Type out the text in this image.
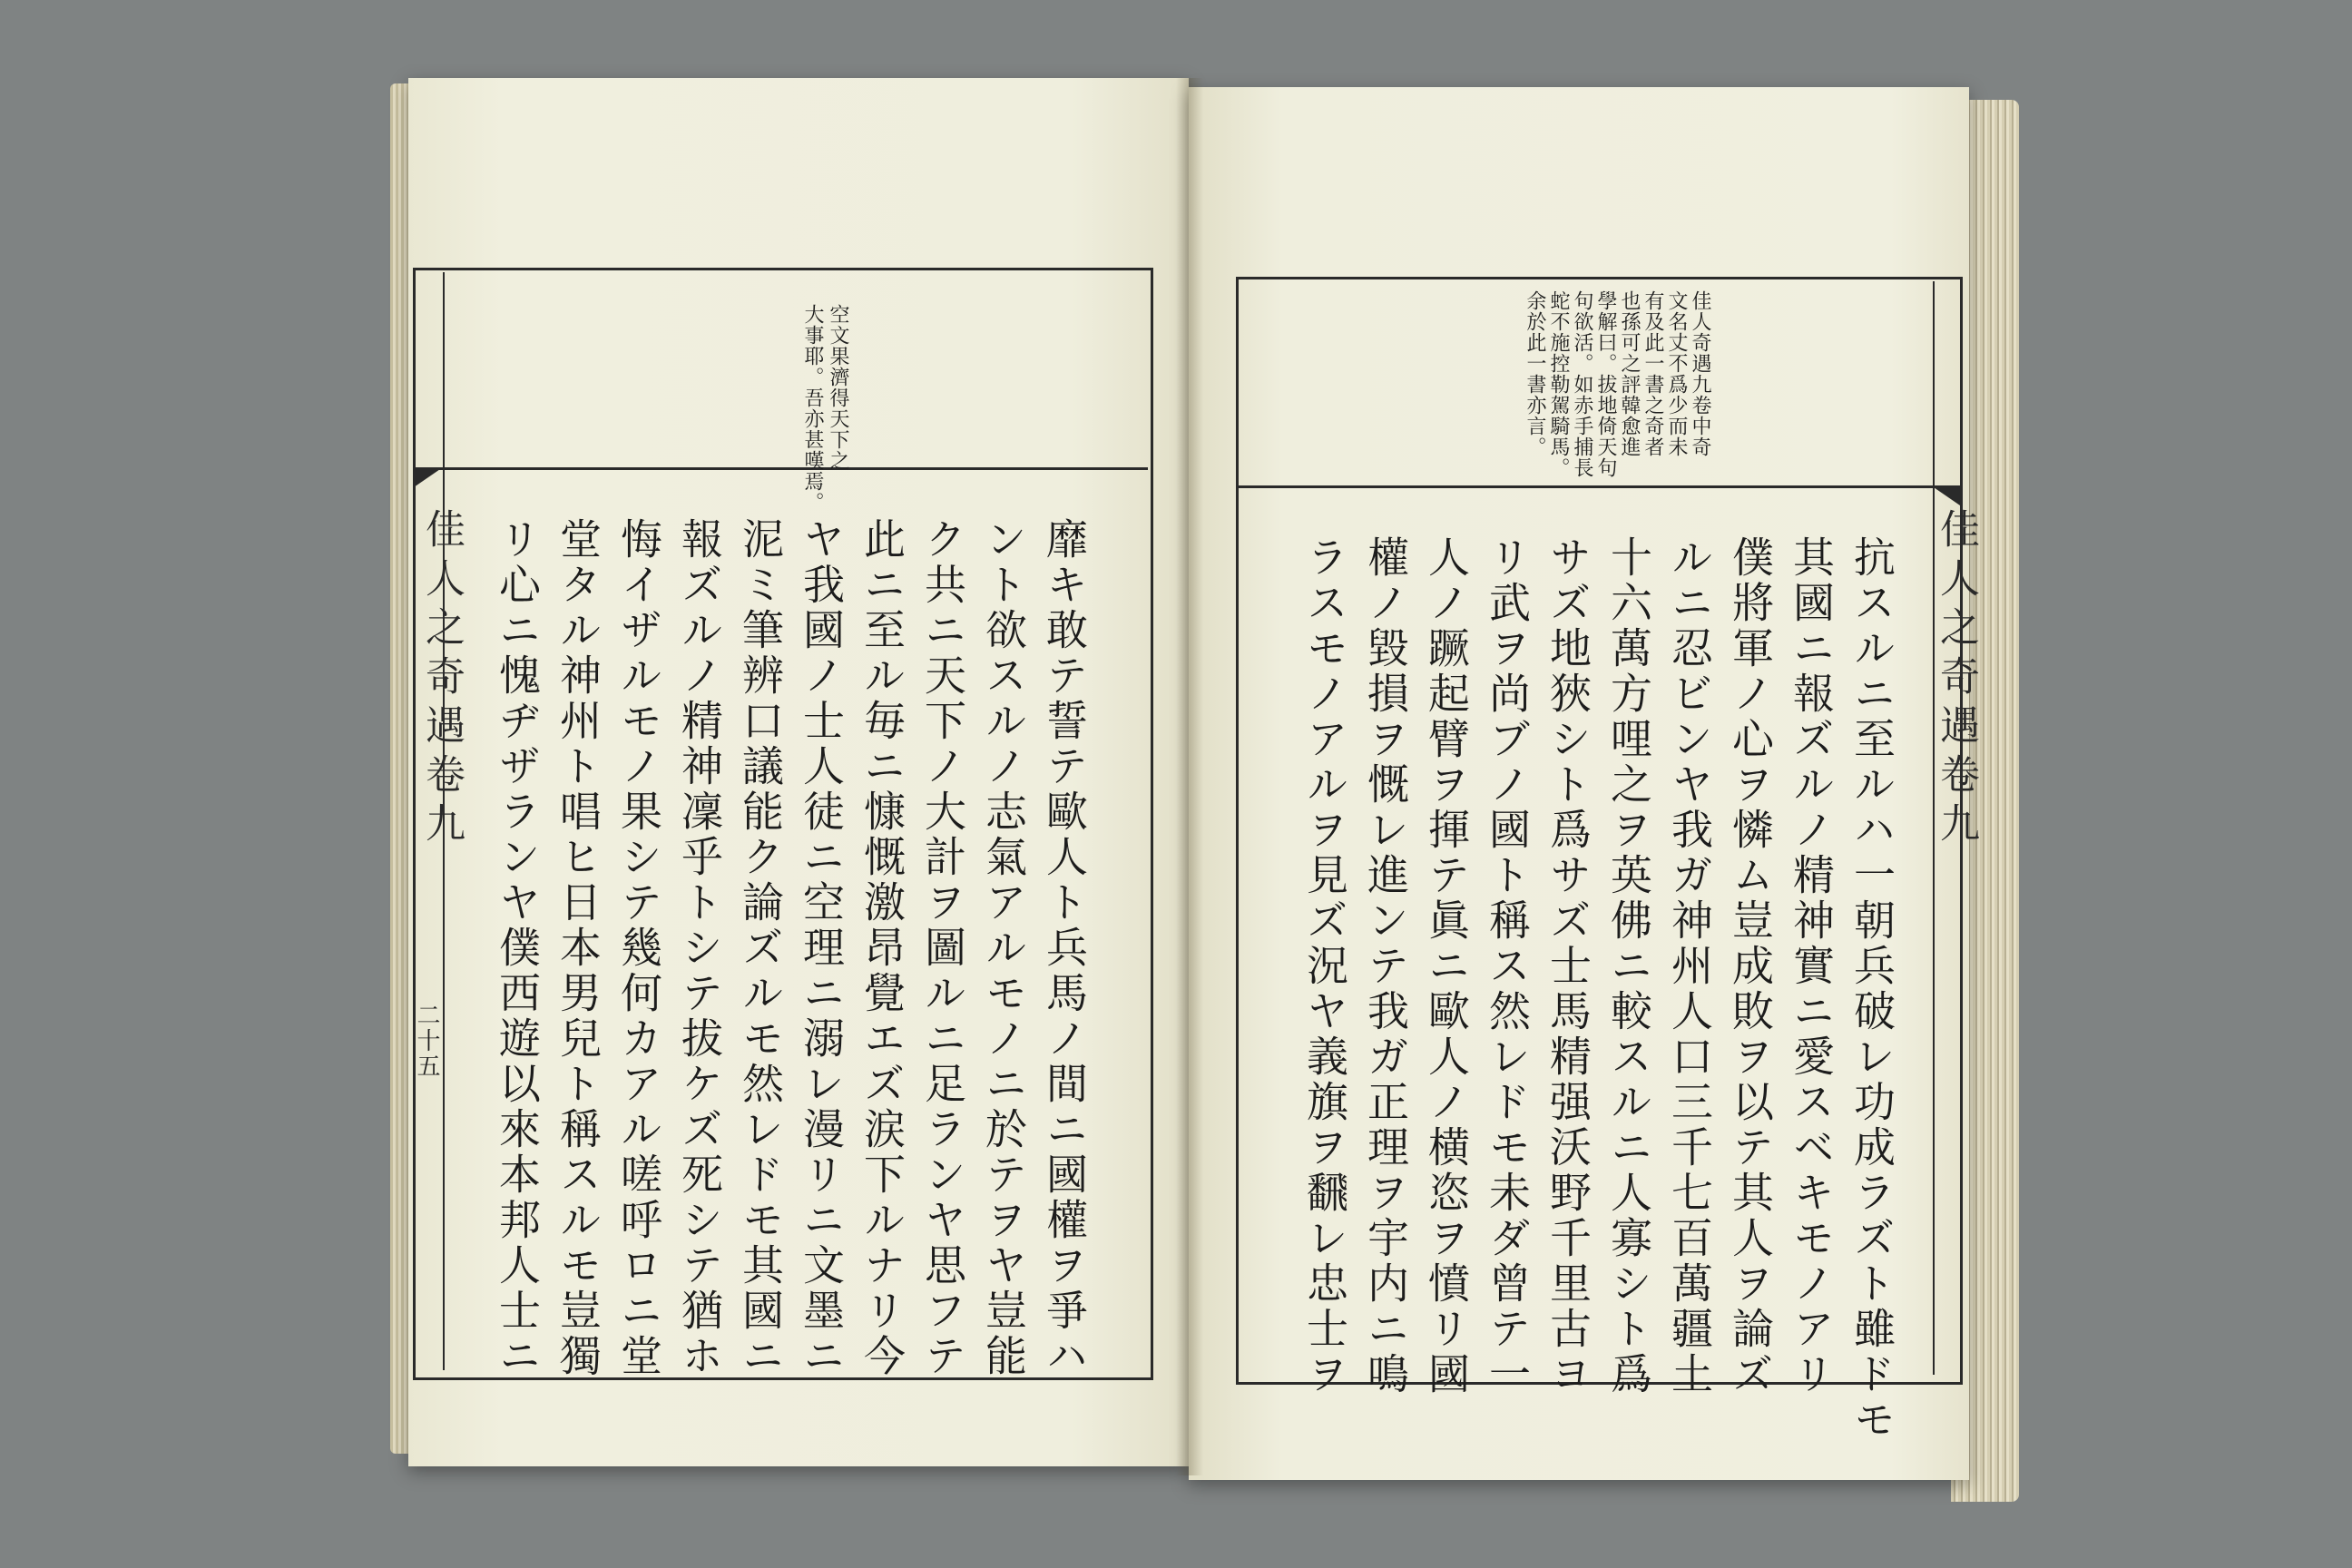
佳人之奇遇卷九
二十五
空文果濟得天下之
大事耶。吾亦甚嘆焉。
靡キ敢テ誓テ歐人ト兵馬ノ間ニ國權ヲ爭ハ
ント欲スルノ志氣アルモノニ於テヲヤ豈能
ク共ニ天下ノ大計ヲ圖ルニ足ランヤ思フテ
此ニ至ル毎ニ慷慨激昂覺エズ涙下ルナリ今
ヤ我國ノ士人徒ニ空理ニ溺レ漫リニ文墨ニ
泥ミ筆辨口議能ク論ズルモ然レドモ其國ニ
報ズルノ精神凜乎トシテ拔ケズ死シテ猶ホ
悔イザルモノ果シテ幾何カアル嗟呼ロニ堂
堂タル神州ト唱ヒ日本男兒ト稱スルモ豈獨
リ心ニ愧ヂザランヤ僕西遊以來本邦人士ニ	佳人之奇遇卷九
佳人奇遇九卷中奇
文名丈不爲少而未
有及此一書之奇者
也孫可之評韓愈進
學解曰。拔地倚天句
句欲活。如赤手捕長
蛇不施控勒駕騎馬。
余於此一書亦言。
抗スルニ至ルハ一朝兵破レ功成ラズト雖ドモ
其國ニ報ズルノ精神實ニ愛スベキモノアリ
僕將軍ノ心ヲ憐ム豈成敗ヲ以テ其人ヲ論ズ
ルニ忍ビンヤ我ガ神州人口三千七百萬疆土
十六萬方哩之ヲ英佛ニ較スルニ人寡シト爲
サズ地狹シト爲サズ士馬精强沃野千里古ヨ
リ武ヲ尚ブノ國ト稱ス然レドモ未ダ曾テ一
人ノ蹶起臂ヲ揮テ眞ニ歐人ノ横恣ヲ憤リ國
權ノ毀損ヲ慨レ進ンテ我ガ正理ヲ宇内ニ鳴
ラスモノアルヲ見ズ況ヤ義旗ヲ飜レ忠士ヲ
